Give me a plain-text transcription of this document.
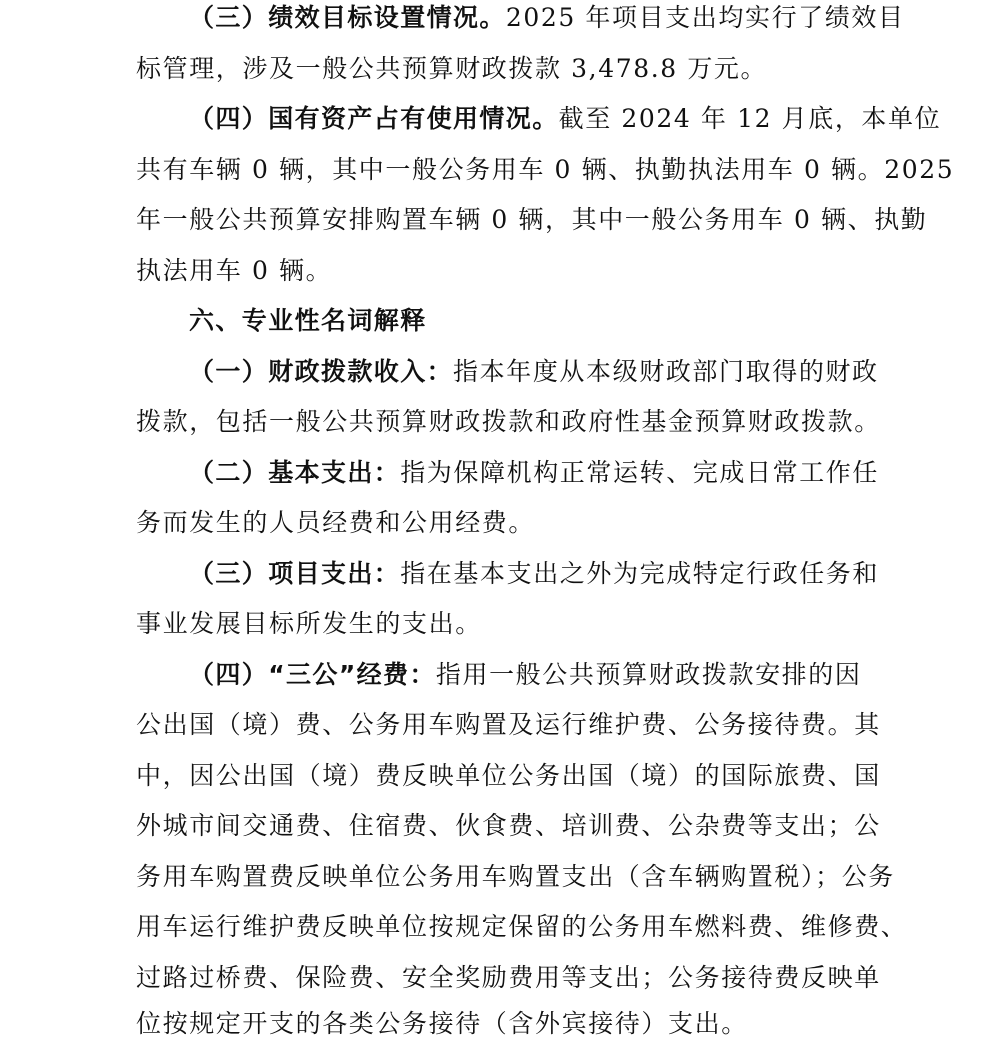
（三）绩效目标设置情况。2025 年项目支出均实行了绩效目
标管理，涉及一般公共预算财政拨款 3,478.8 万元。
（四）国有资产占有使用情况。截至 2024 年 12 月底，本单位
共有车辆 0 辆，其中一般公务用车 0 辆、执勤执法用车 0 辆。2025
年一般公共预算安排购置车辆 0 辆，其中一般公务用车 0 辆、执勤
执法用车 0 辆。
六、专业性名词解释
（一）财政拨款收入：指本年度从本级财政部门取得的财政
拨款，包括一般公共预算财政拨款和政府性基金预算财政拨款。
（二）基本支出：指为保障机构正常运转、完成日常工作任
务而发生的人员经费和公用经费。
（三）项目支出：指在基本支出之外为完成特定行政任务和
事业发展目标所发生的支出。
（四）“三公”经费：指用一般公共预算财政拨款安排的因
公出国（境）费、公务用车购置及运行维护费、公务接待费。其
中，因公出国（境）费反映单位公务出国（境）的国际旅费、国
外城市间交通费、住宿费、伙食费、培训费、公杂费等支出；公
务用车购置费反映单位公务用车购置支出（含车辆购置税）；公务
用车运行维护费反映单位按规定保留的公务用车燃料费、维修费、
过路过桥费、保险费、安全奖励费用等支出；公务接待费反映单
位按规定开支的各类公务接待（含外宾接待）支出。
